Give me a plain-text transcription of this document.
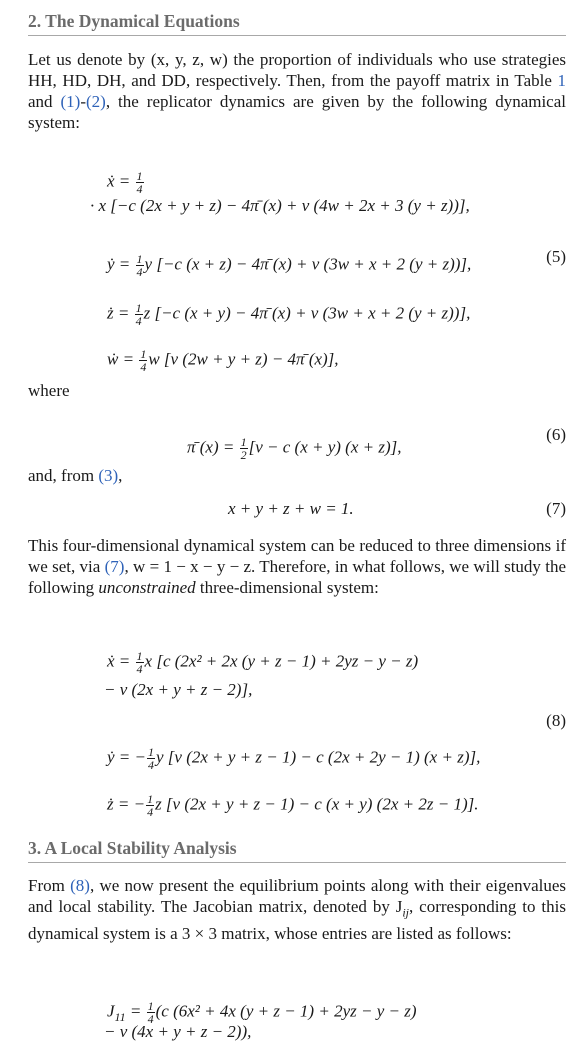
2. The Dynamical Equations
Let us denote by (x, y, z, w) the proportion of individuals who use strategies HH, HD, DH, and DD, respectively. Then, from the payoff matrix in Table 1 and (1)-(2), the replicator dynamics are given by the following dynamical system:

ẋ = $\frac{1}{4}$

· x [−c (2x + y + z) − 4π̄ (x) + v (4w + 2x + 3 (y + z))],

ẏ = $\frac{1}{4}$ y [−c (x + z) − 4π̄ (x) + v (3w + x + 2 (y + z))],
	(5)

ż = $\frac{1}{4}$ z [−c (x + y) − 4π̄ (x) + v (3w + x + 2 (y + z))],

ẇ = $\frac{1}{4}$ w [v (2w + y + z) − 4π̄ (x)],

where

π̄ $(x) = \frac{1}{2} [v - c$ (x + y) (x + z)],

(6)
and, from (3),
x + y + z + w = 1.	(7)
This four-dimensional dynamical system can be reduced to three dimensions if we set, via (7), w = 1 − x − y − z. Therefore, in what follows, we will study the following unconstrained three-dimensional system:

ẋ = $\frac{1}{4}$ x [c (2x² + 2x (y + z − 1) + 2yz − y − z)

− v (2x + y + z − 2)],
(8)

ẏ = − $\frac{1}{4}$ y [v (2x + y + z − 1) − c (2x + 2y − 1) (x + z)],

ż = − $\frac{1}{4}$ z [v (2x + y + z − 1) − c (x + y) (2x + 2z − 1)].

3. A Local Stability Analysis
From (8), we now present the equilibrium points along with their eigenvalues and local stability. The Jacobian matrix, denoted by $J_{ij}$, corresponding to this dynamical system is a 3 × 3 matrix, whose entries are listed as follows:

$J_{11} = \frac{1}{4} (c$ (6x² + 4x (y + z − 1) + 2yz − y − z)

− v (4x + y + z − 2)),
